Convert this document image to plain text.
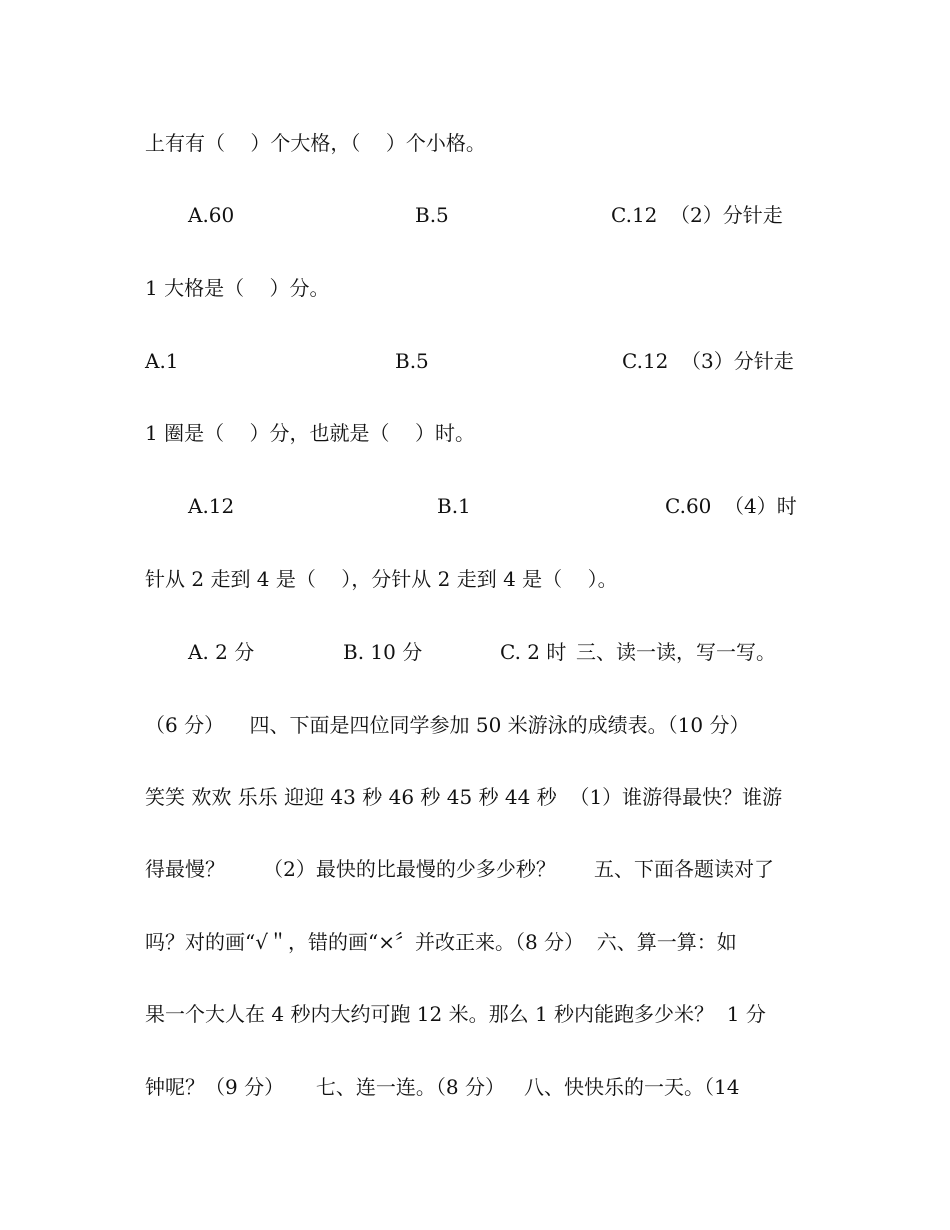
上有有（    ）个大格，（    ）个小格。
A.60	B.5	C.12 （2）分针走
1 大格是（    ）分。
A.1	B.5	C.12 （3）分针走
1 圈是（    ）分，也就是（    ）时。
A.12	B.1	C.60 （4）时
针从 2 走到 4 是（    ），分针从 2 走到 4 是（    ）。
A. 2 分	B. 10 分	C. 2 时 三、读一读，写一写。
（6 分）    四、下面是四位同学参加 50 米游泳的成绩表。（10 分）
笑笑 欢欢 乐乐 迎迎 43 秒 46 秒 45 秒 44 秒  （1）谁游得最快？谁游
得最慢？      （2）最快的比最慢的少多少秒？      五、下面各题读对了
吗？对的画“√＂，错的画“×〞并改正来。（8 分）  六、算一算：如
果一个大人在 4 秒内大约可跑 12 米。那么 1 秒内能跑多少米？  1 分
钟呢？（9 分）     七、连一连。（8 分）   八、快快乐的一天。（14
